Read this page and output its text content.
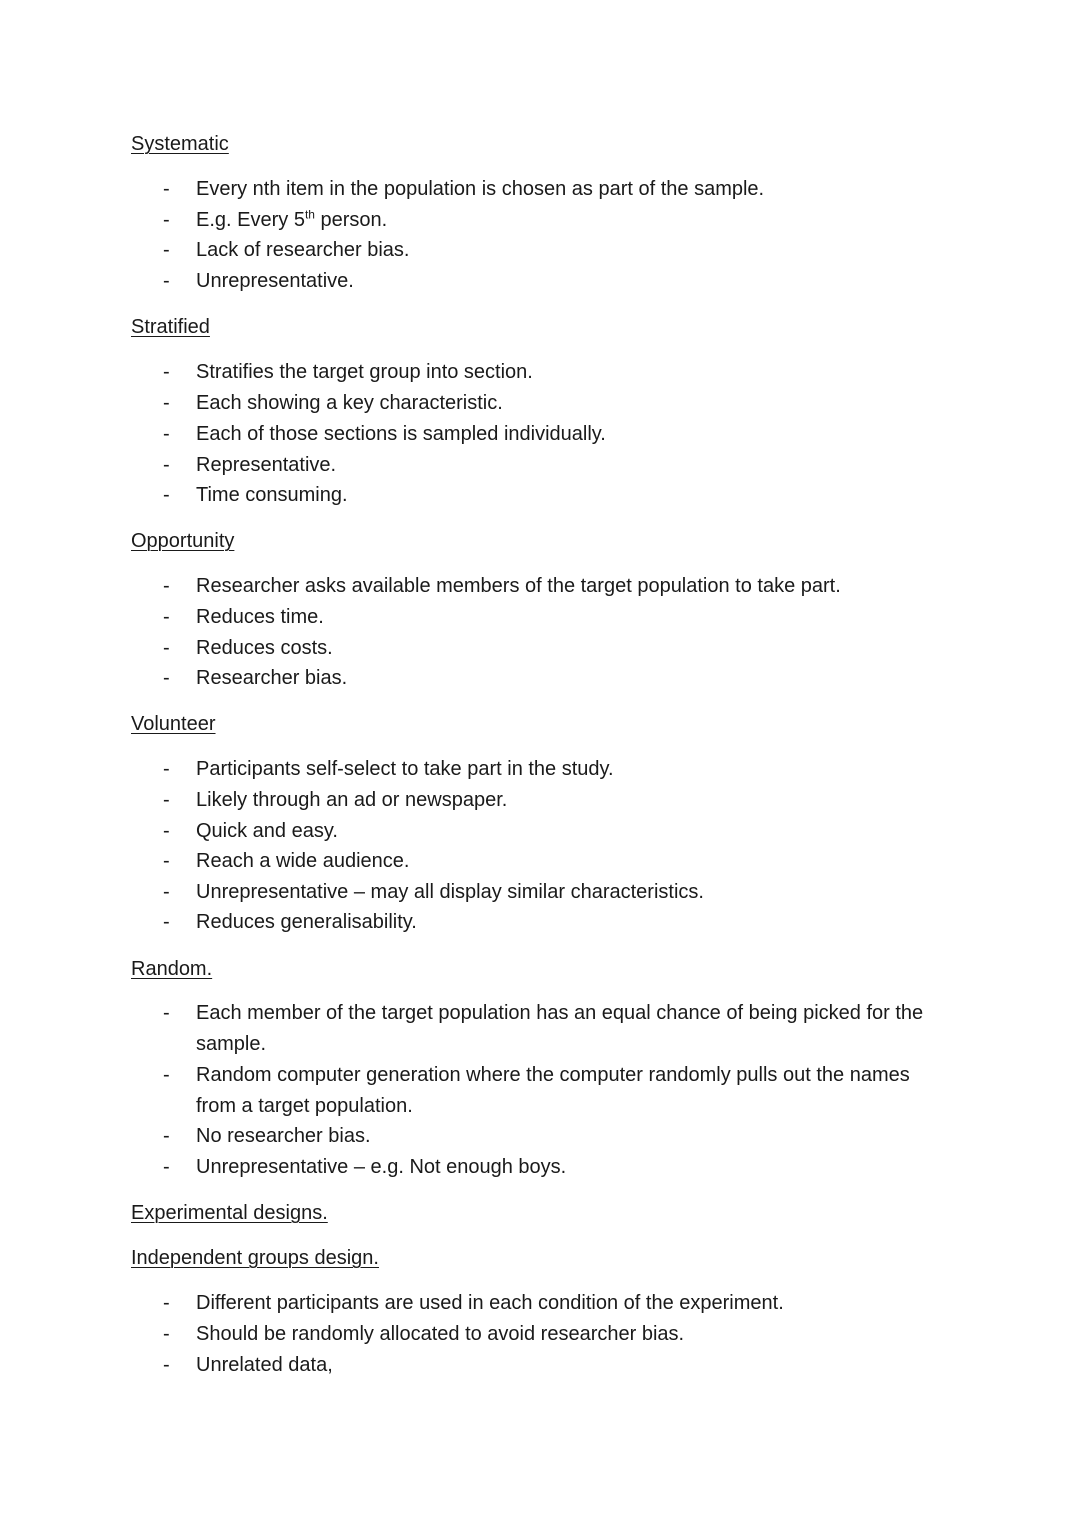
Systematic
- Every nth item in the population is chosen as part of the sample.
- E.g. Every 5th person.
- Lack of researcher bias.
- Unrepresentative.
Stratified
- Stratifies the target group into section.
- Each showing a key characteristic.
- Each of those sections is sampled individually.
- Representative.
- Time consuming.
Opportunity
- Researcher asks available members of the target population to take part.
- Reduces time.
- Reduces costs.
- Researcher bias.
Volunteer
- Participants self-select to take part in the study.
- Likely through an ad or newspaper.
- Quick and easy.
- Reach a wide audience.
- Unrepresentative – may all display similar characteristics.
- Reduces generalisability.
Random.
- Each member of the target population has an equal chance of being picked for the sample.
- Random computer generation where the computer randomly pulls out the names from a target population.
- No researcher bias.
- Unrepresentative – e.g. Not enough boys.
Experimental designs.
Independent groups design.
- Different participants are used in each condition of the experiment.
- Should be randomly allocated to avoid researcher bias.
- Unrelated data,
